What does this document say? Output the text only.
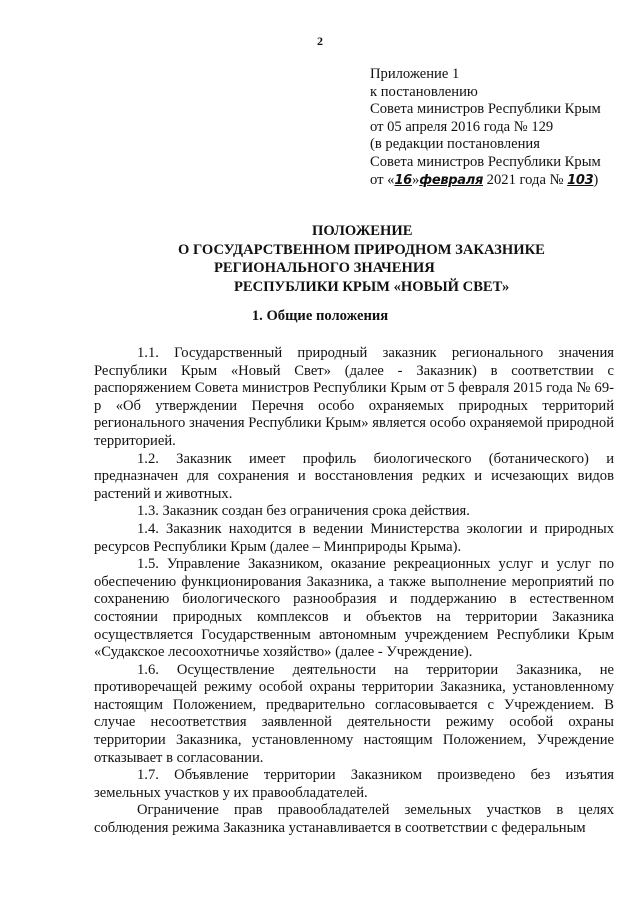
2
Приложение 1
к постановлению
Совета министров Республики Крым
от 05 апреля 2016 года № 129
(в редакции постановления
Совета министров Республики Крым
от «16»февраля 2021 года № 103)
ПОЛОЖЕНИЕ
О ГОСУДАРСТВЕННОМ ПРИРОДНОМ ЗАКАЗНИКЕ
РЕГИОНАЛЬНОГО ЗНАЧЕНИЯ
РЕСПУБЛИКИ КРЫМ «НОВЫЙ СВЕТ»
1. Общие положения

1.1. Государственный природный заказник регионального значения Республики Крым «Новый Свет» (далее - Заказник) в соответствии с распоряжением Совета министров Республики Крым от 5 февраля 2015 года № 69-р «Об утверждении Перечня особо охраняемых природных территорий регионального значения Республики Крым» является особо охраняемой природной территорией.

1.2. Заказник имеет профиль биологического (ботанического) и предназначен для сохранения и восстановления редких и исчезающих видов растений и животных.

1.3. Заказник создан без ограничения срока действия.

1.4. Заказник находится в ведении Министерства экологии и природных ресурсов Республики Крым (далее – Минприроды Крыма).

1.5. Управление Заказником, оказание рекреационных услуг и услуг по обеспечению функционирования Заказника, а также выполнение мероприятий по сохранению биологического разнообразия и поддержанию в естественном состоянии природных комплексов и объектов на территории Заказника осуществляется Государственным автономным учреждением Республики Крым «Судакское лесоохотничье хозяйство» (далее - Учреждение).

1.6. Осуществление деятельности на территории Заказника, не противоречащей режиму особой охраны территории Заказника, установленному настоящим Положением, предварительно согласовывается с Учреждением. В случае несоответствия заявленной деятельности режиму особой охраны территории Заказника, установленному настоящим Положением, Учреждение отказывает в согласовании.

1.7. Объявление территории Заказником произведено без изъятия земельных участков у их правообладателей.

Ограничение прав правообладателей земельных участков в целях соблюдения режима Заказника устанавливается в соответствии с федеральным
